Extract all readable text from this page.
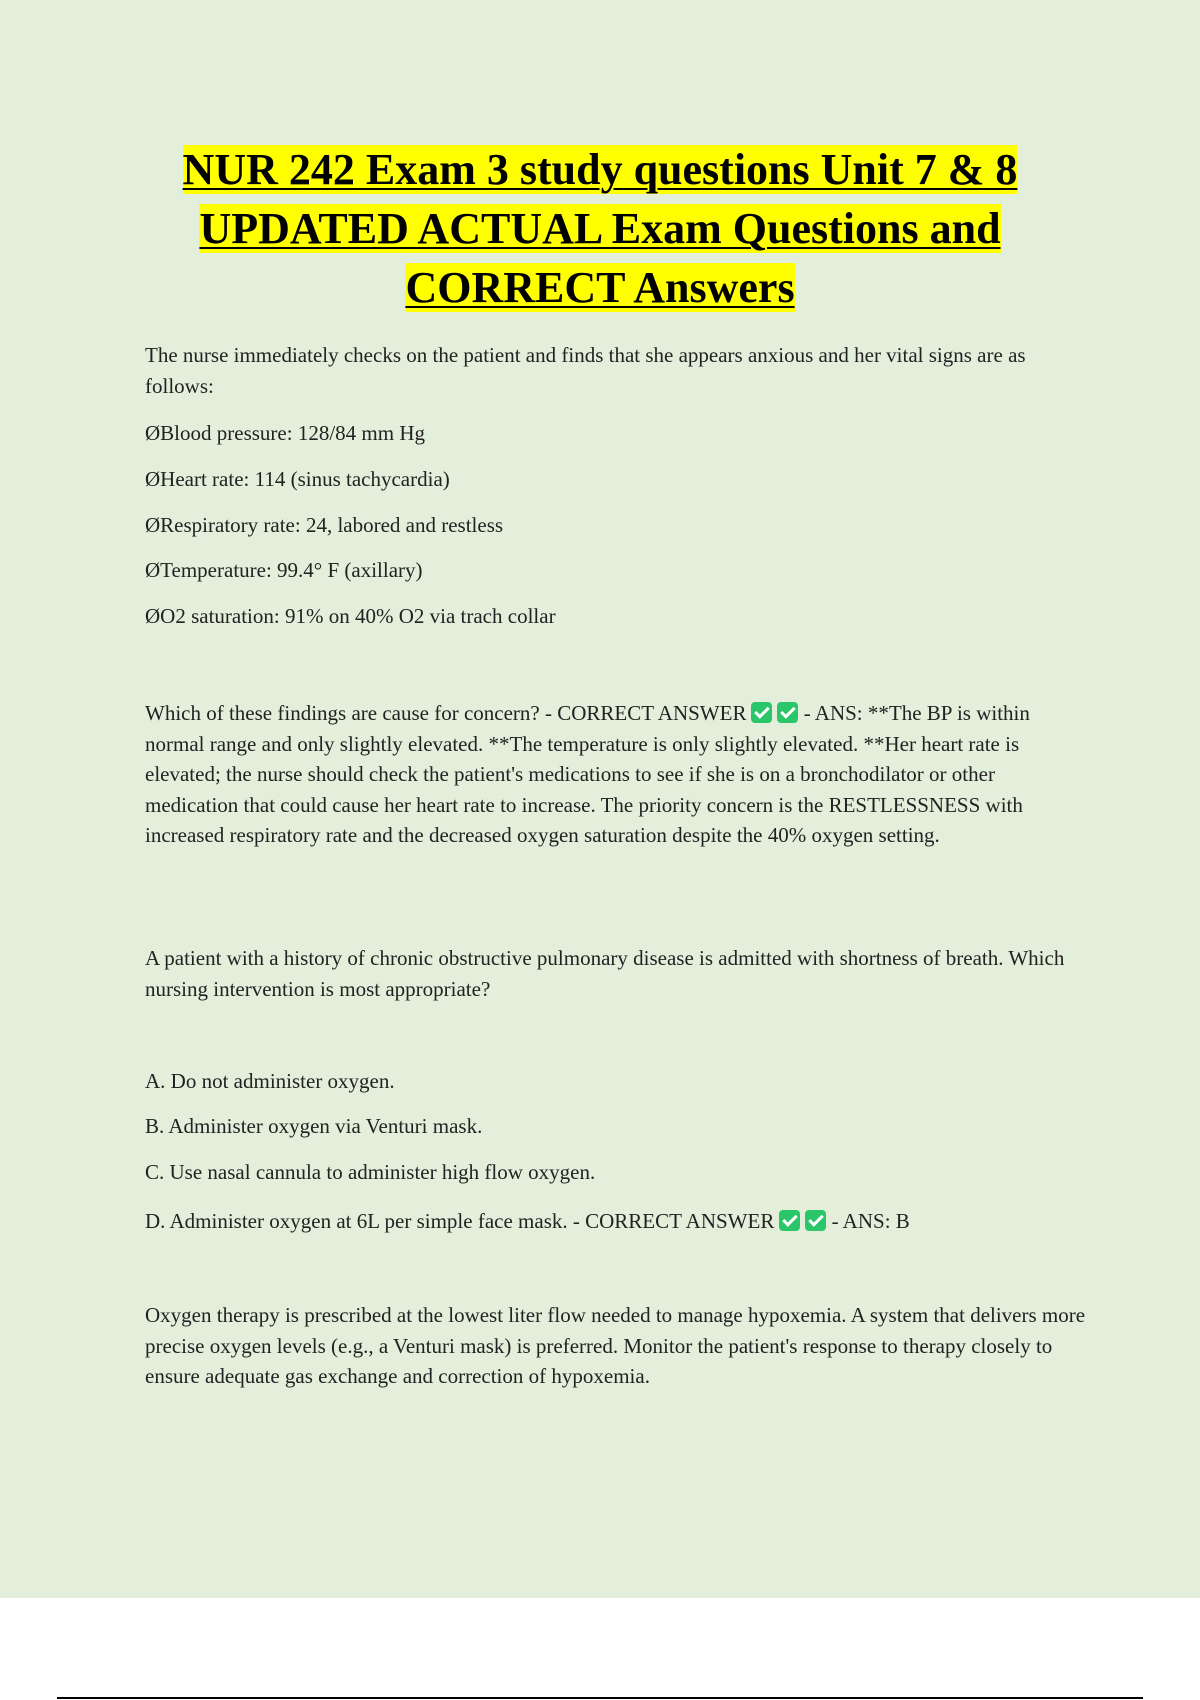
NUR 242 Exam 3 study questions Unit 7 & 8
UPDATED ACTUAL Exam Questions and
CORRECT Answers

The nurse immediately checks on the patient and finds that she appears anxious and her vital signs are as follows:

ØBlood pressure: 128/84 mm Hg

ØHeart rate: 114 (sinus tachycardia)

ØRespiratory rate: 24, labored and restless

ØTemperature: 99.4° F (axillary)

ØO2 saturation: 91% on 40% O2 via trach collar

Which of these findings are cause for concern? - CORRECT ANSWER	- ANS: **The BP is within normal range and only slightly elevated. **The temperature is only slightly elevated. **Her heart rate is elevated; the nurse should check the patient's medications to see if she is on a bronchodilator or other medication that could cause her heart rate to increase. The priority concern is the RESTLESSNESS with increased respiratory rate and the decreased oxygen saturation despite the 40% oxygen setting.

A patient with a history of chronic obstructive pulmonary disease is admitted with shortness of breath. Which nursing intervention is most appropriate?

A. Do not administer oxygen.

B. Administer oxygen via Venturi mask.

C. Use nasal cannula to administer high flow oxygen.

D. Administer oxygen at 6L per simple face mask. - CORRECT ANSWER	- ANS: B

Oxygen therapy is prescribed at the lowest liter flow needed to manage hypoxemia. A system that delivers more precise oxygen levels (e.g., a Venturi mask) is preferred. Monitor the patient's response to therapy closely to ensure adequate gas exchange and correction of hypoxemia.
